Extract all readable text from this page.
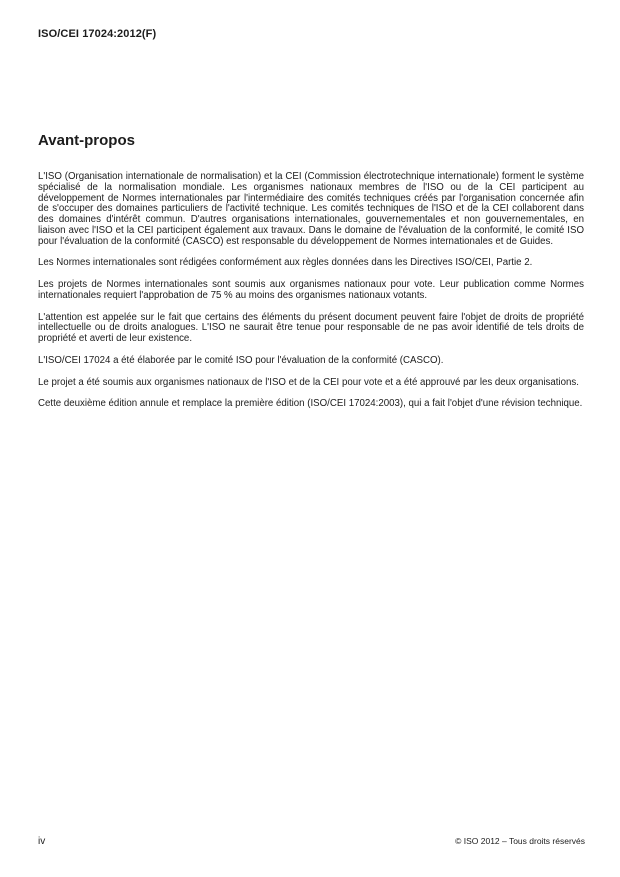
ISO/CEI 17024:2012(F)
Avant-propos

L'ISO (Organisation internationale de normalisation) et la CEI (Commission électrotechnique internationale) forment le système spécialisé de la normalisation mondiale. Les organismes nationaux membres de l'ISO ou de la CEI participent au développement de Normes internationales par l'intermédiaire des comités techniques créés par l'organisation concernée afin de s'occuper des domaines particuliers de l'activité technique. Les comités techniques de l'ISO et de la CEI collaborent dans des domaines d'intérêt commun. D'autres organisations internationales, gouvernementales et non gouvernementales, en liaison avec l'ISO et la CEI participent également aux travaux. Dans le domaine de l'évaluation de la conformité, le comité ISO pour l'évaluation de la conformité (CASCO) est responsable du développement de Normes internationales et de Guides.

Les Normes internationales sont rédigées conformément aux règles données dans les Directives ISO/CEI, Partie 2.

Les projets de Normes internationales sont soumis aux organismes nationaux pour vote. Leur publication comme Normes internationales requiert l'approbation de 75 % au moins des organismes nationaux votants.

L'attention est appelée sur le fait que certains des éléments du présent document peuvent faire l'objet de droits de propriété intellectuelle ou de droits analogues. L'ISO ne saurait être tenue pour responsable de ne pas avoir identifié de tels droits de propriété et averti de leur existence.

L'ISO/CEI 17024 a été élaborée par le comité ISO pour l'évaluation de la conformité (CASCO).

Le projet a été soumis aux organismes nationaux de l'ISO et de la CEI pour vote et a été approuvé par les deux organisations.

Cette deuxième édition annule et remplace la première édition (ISO/CEI 17024:2003), qui a fait l'objet d'une révision technique.

iv	© ISO 2012 – Tous droits réservés
